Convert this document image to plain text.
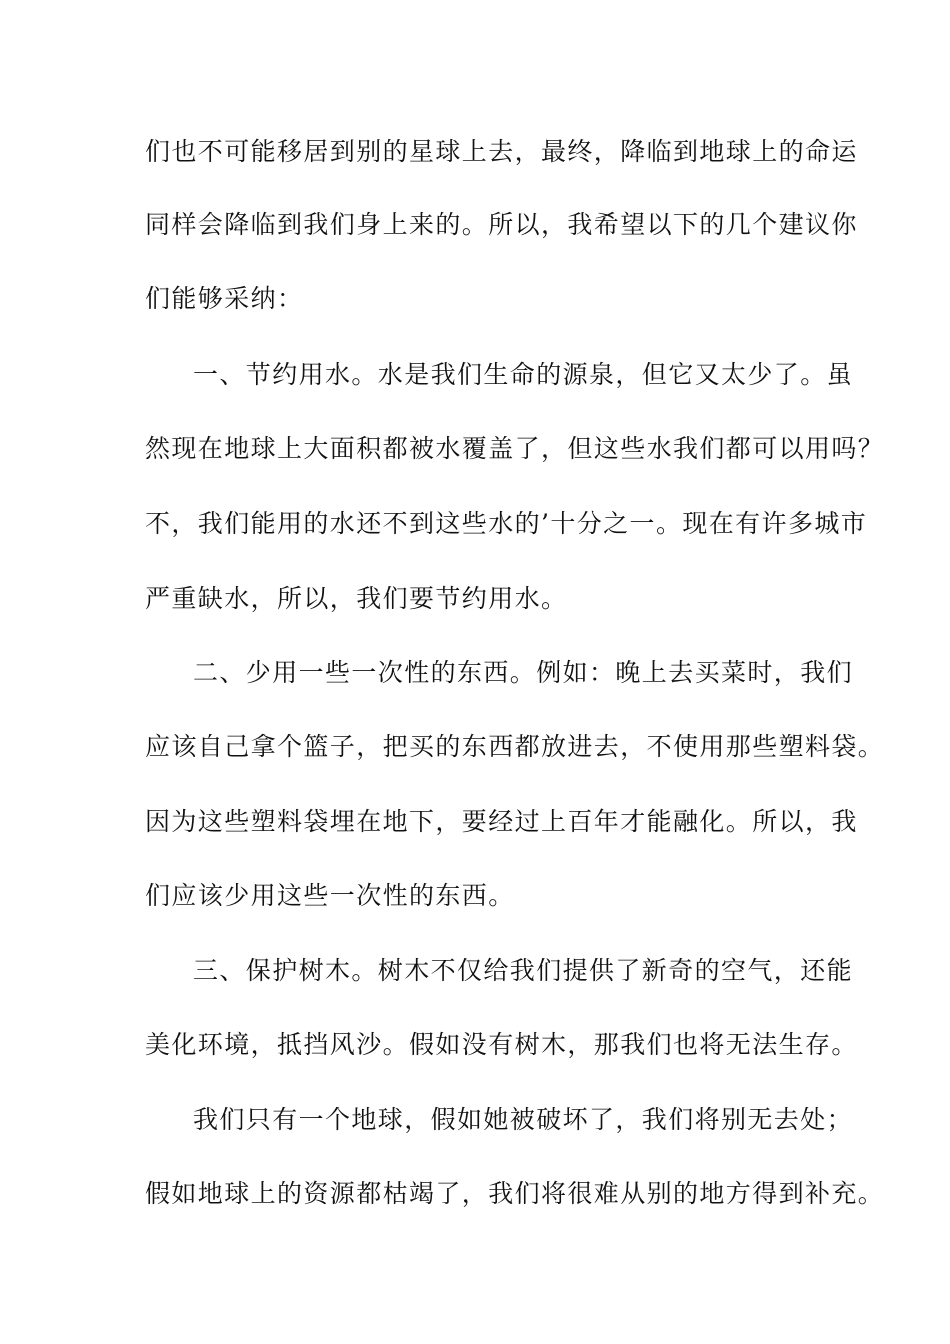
们也不可能移居到别的星球上去，最终，降临到地球上的命运
同样会降临到我们身上来的。所以，我希望以下的几个建议你
们能够采纳：
一、节约用水。水是我们生命的源泉，但它又太少了。虽
然现在地球上大面积都被水覆盖了，但这些水我们都可以用吗？
不，我们能用的水还不到这些水的’十分之一。现在有许多城市
严重缺水，所以，我们要节约用水。
二、少用一些一次性的东西。例如：晚上去买菜时，我们
应该自己拿个篮子，把买的东西都放进去，不使用那些塑料袋。
因为这些塑料袋埋在地下，要经过上百年才能融化。所以，我
们应该少用这些一次性的东西。
三、保护树木。树木不仅给我们提供了新奇的空气，还能
美化环境，抵挡风沙。假如没有树木，那我们也将无法生存。
我们只有一个地球，假如她被破坏了，我们将别无去处；
假如地球上的资源都枯竭了，我们将很难从别的地方得到补充。
